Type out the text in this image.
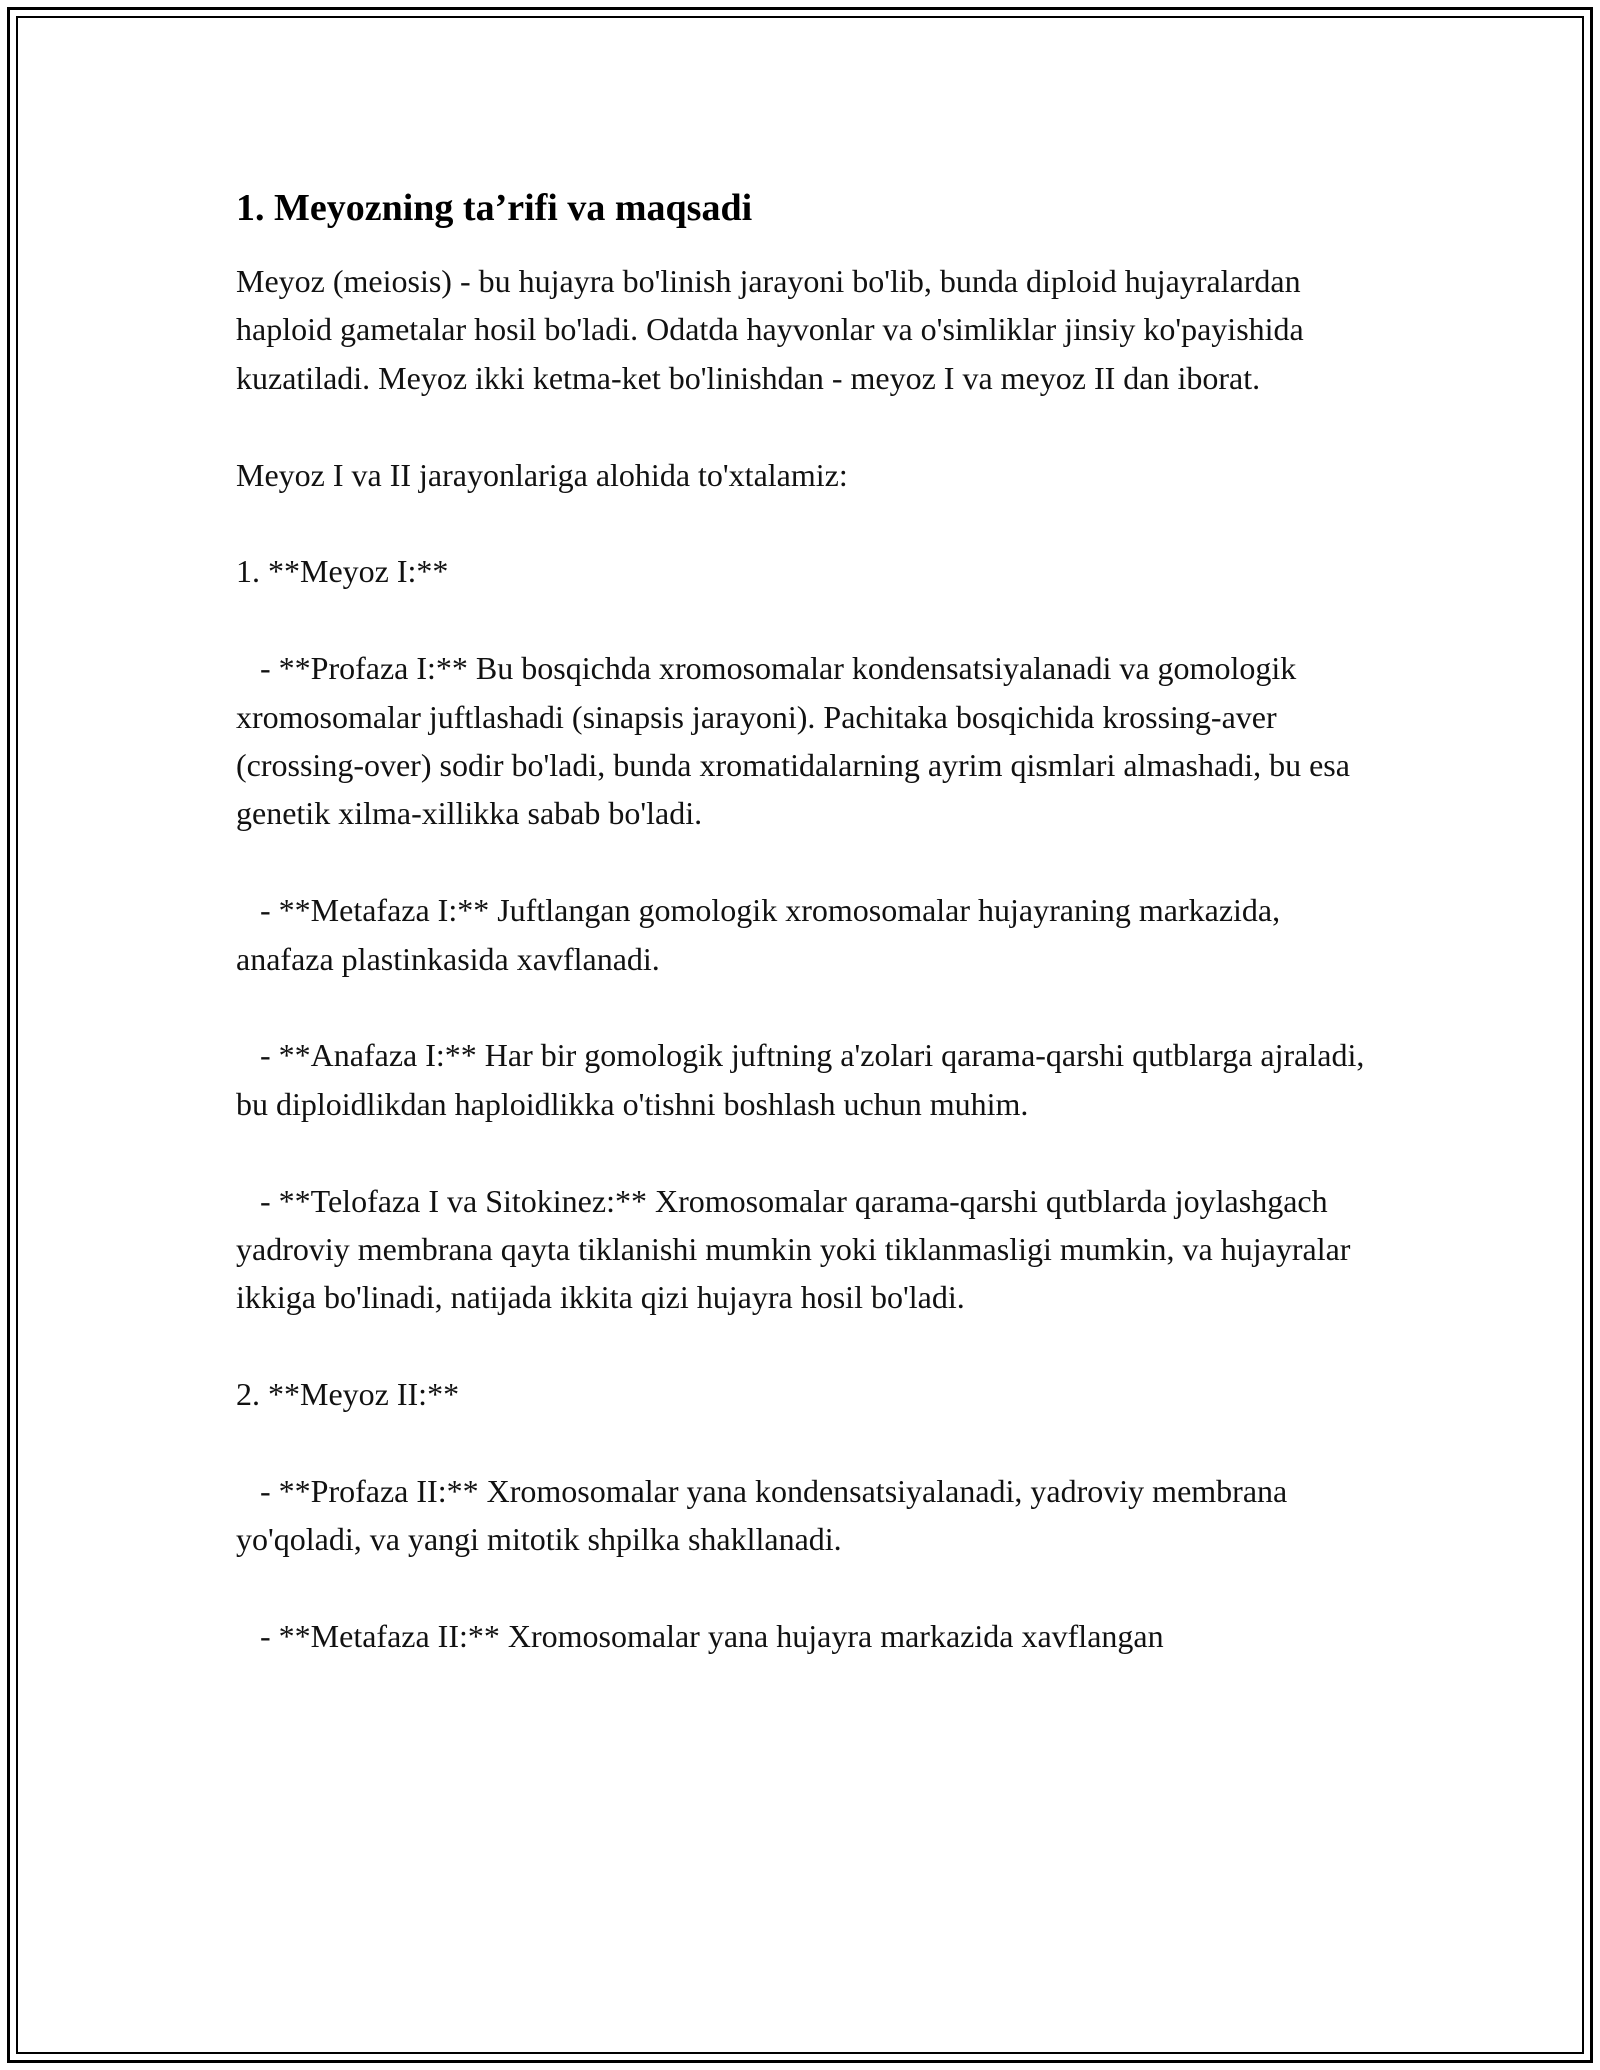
1. Meyozning ta’rifi va maqsadi

Meyoz (meiosis) - bu hujayra bo'linish jarayoni bo'lib, bunda diploid hujayralardan haploid gametalar hosil bo'ladi. Odatda hayvonlar va o'simliklar jinsiy ko'payishida kuzatiladi. Meyoz ikki ketma-ket bo'linishdan - meyoz I va meyoz II dan iborat.

Meyoz I va II jarayonlariga alohida to'xtalamiz:

1. **Meyoz I:**

- **Profaza I:** Bu bosqichda xromosomalar kondensatsiyalanadi va gomologik xromosomalar juftlashadi (sinapsis jarayoni). Pachitaka bosqichida krossing-aver (crossing-over) sodir bo'ladi, bunda xromatidalarning ayrim qismlari almashadi, bu esa genetik xilma-xillikka sabab bo'ladi.

- **Metafaza I:** Juftlangan gomologik xromosomalar hujayraning markazida, anafaza plastinkasida xavflanadi.

- **Anafaza I:** Har bir gomologik juftning a'zolari qarama-qarshi qutblarga ajraladi, bu diploidlikdan haploidlikka o'tishni boshlash uchun muhim.

- **Telofaza I va Sitokinez:** Xromosomalar qarama-qarshi qutblarda joylashgach yadroviy membrana qayta tiklanishi mumkin yoki tiklanmasligi mumkin, va hujayralar ikkiga bo'linadi, natijada ikkita qizi hujayra hosil bo'ladi.

2. **Meyoz II:**

- **Profaza II:** Xromosomalar yana kondensatsiyalanadi, yadroviy membrana yo'qoladi, va yangi mitotik shpilka shakllanadi.

- **Metafaza II:** Xromosomalar yana hujayra markazida xavflangan
